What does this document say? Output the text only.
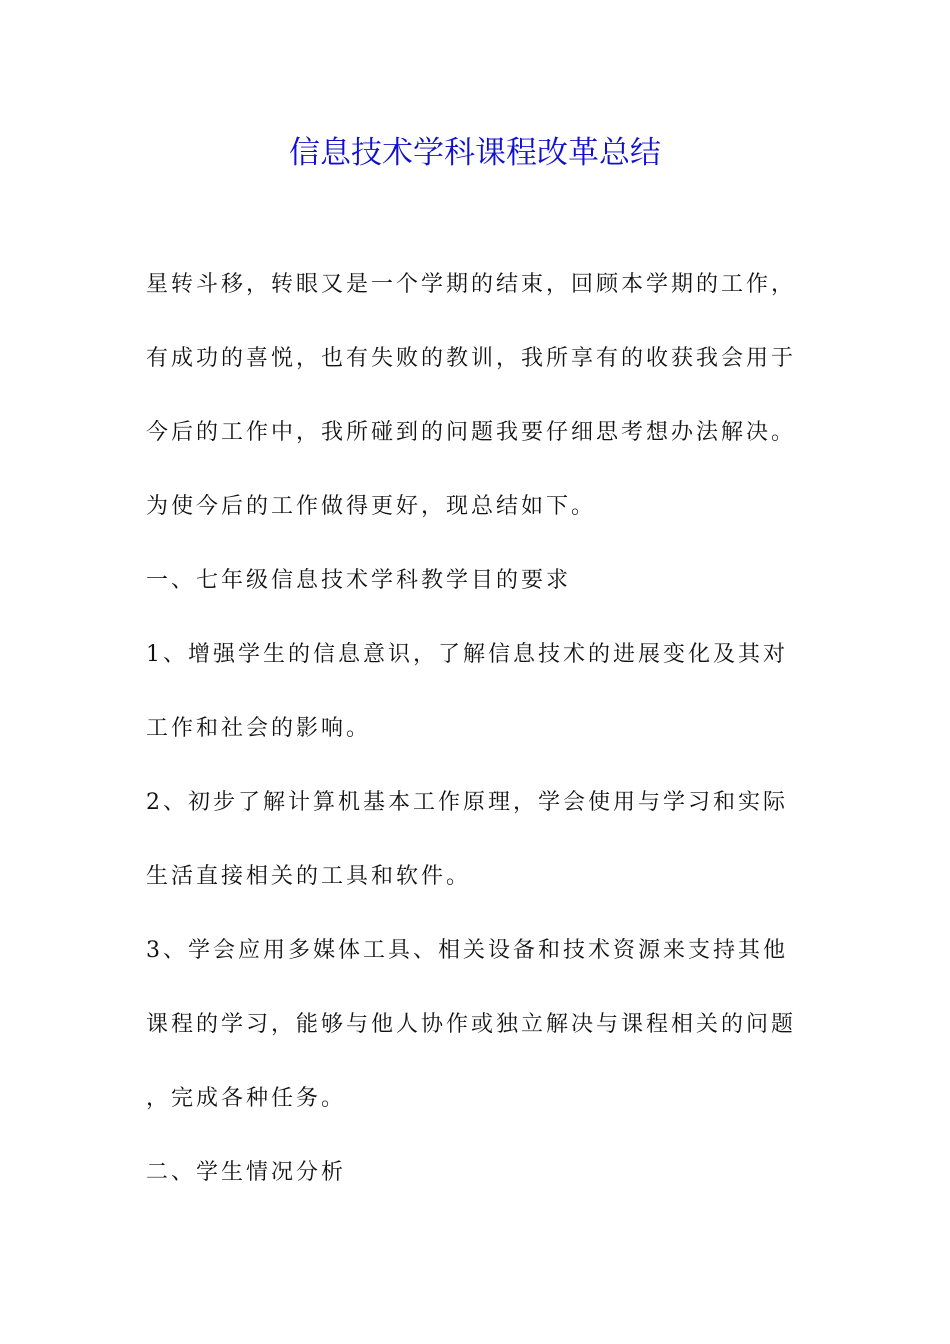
信息技术学科课程改革总结

星转斗移，转眼又是一个学期的结束，回顾本学期的工作，有成功的喜悦，也有失败的教训，我所享有的收获我会用于今后的工作中，我所碰到的问题我要仔细思考想办法解决。为使今后的工作做得更好，现总结如下。

一、七年级信息技术学科教学目的要求

1、增强学生的信息意识，了解信息技术的进展变化及其对工作和社会的影响。

2、初步了解计算机基本工作原理，学会使用与学习和实际生活直接相关的工具和软件。

3、学会应用多媒体工具、相关设备和技术资源来支持其他课程的学习，能够与他人协作或独立解决与课程相关的问题，完成各种任务。

二、学生情况分析
